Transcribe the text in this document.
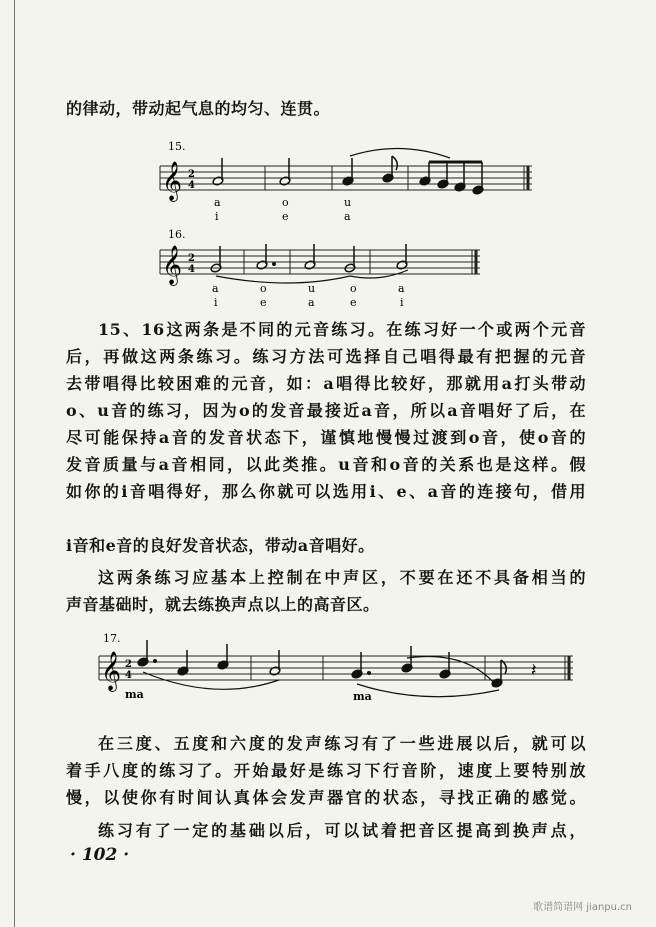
的律动，带动起气息的均匀、连贯。
15.
𝄞 2
4
a	o	u
i	e	a
16.
𝄞 2
4
a	o	u	o	a
i	e	a	e	i
15、16这两条是不同的元音练习。在练习好一个或两个元音
后，再做这两条练习。练习方法可选择自己唱得最有把握的元音
去带唱得比较困难的元音，如：a唱得比较好，那就用a打头带动
o、u音的练习，因为o的发音最接近a音，所以a音唱好了后，在
尽可能保持a音的发音状态下，谨慎地慢慢过渡到o音，使o音的
发音质量与a音相同，以此类推。u音和o音的关系也是这样。假
如你的i音唱得好，那么你就可以选用i、e、a音的连接句，借用
i音和e音的良好发音状态，带动a音唱好。
这两条练习应基本上控制在中声区，不要在还不具备相当的
声音基础时，就去练换声点以上的高音区。
17.
𝄞 2
4	𝄽
ma	ma
在三度、五度和六度的发声练习有了一些进展以后，就可以
着手八度的练习了。开始最好是练习下行音阶，速度上要特别放
慢，以使你有时间认真体会发声器官的状态，寻找正确的感觉。
练习有了一定的基础以后，可以试着把音区提高到换声点，
· 102 ·
歌谱简谱网 jianpu.cn
